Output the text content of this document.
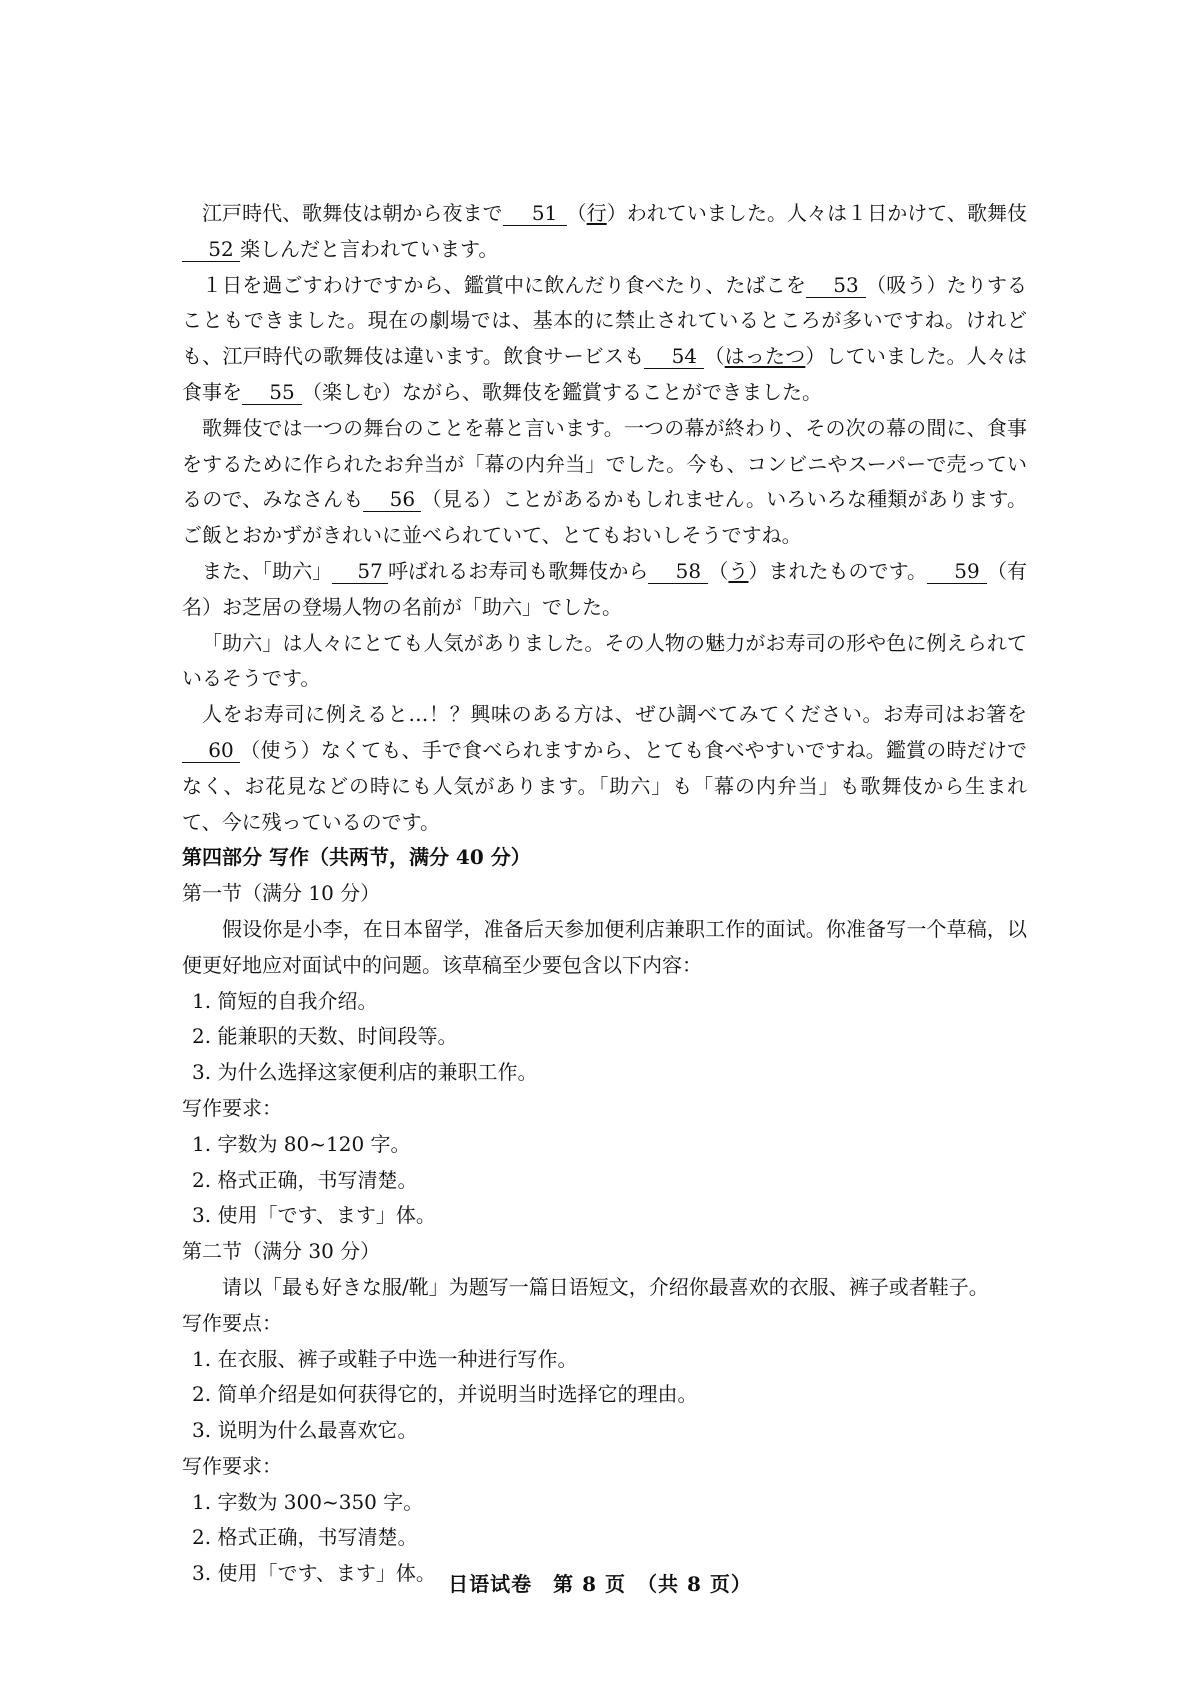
江戸時代、歌舞伎は朝から夜まで 51 （行）われていました。人々は１日かけて、歌舞伎52 楽しんだと言われています。

１日を過ごすわけですから、鑑賞中に飲んだり食べたり、たばこを 53 （吸う）たりすることもできました。現在の劇場では、基本的に禁止されているところが多いですね。けれども、江戸時代の歌舞伎は違います。飲食サービスも 54 （はったつ）していました。人々は食事を 55 （楽しむ）ながら、歌舞伎を鑑賞することができました。

歌舞伎では一つの舞台のことを幕と言います。一つの幕が終わり、その次の幕の間に、食事をするために作られたお弁当が「幕の内弁当」でした。今も、コンビニやスーパーで売っているので、みなさんも 56 （見る）ことがあるかもしれません。いろいろな種類があります。ご飯とおかずがきれいに並べられていて、とてもおいしそうですね。

また、「助六」 57 呼ばれるお寿司も歌舞伎から 58 （う）まれたものです。 59 （有名）お芝居の登場人物の名前が「助六」でした。

「助六」は人々にとても人気がありました。その人物の魅力がお寿司の形や色に例えられているそうです。

人をお寿司に例えると…！？興味のある方は、ぜひ調べてみてください。お寿司はお箸を60 （使う）なくても、手で食べられますから、とても食べやすいですね。鑑賞の時だけでなく、お花見などの時にも人気があります。「助六」も「幕の内弁当」も歌舞伎から生まれて、今に残っているのです。

第四部分 写作（共两节，满分 40 分）

第一节（满分 10 分）

假设你是小李，在日本留学，准备后天参加便利店兼职工作的面试。你准备写一个草稿，以便更好地应对面试中的问题。该草稿至少要包含以下内容：

1. 简短的自我介绍。

2. 能兼职的天数、时间段等。

3. 为什么选择这家便利店的兼职工作。

写作要求：

1. 字数为 80~120 字。

2. 格式正确，书写清楚。

3. 使用「です、ます」体。

第二节（满分 30 分）

请以「最も好きな服/靴」为题写一篇日语短文，介绍你最喜欢的衣服、裤子或者鞋子。

写作要点：

1. 在衣服、裤子或鞋子中选一种进行写作。

2. 简单介绍是如何获得它的，并说明当时选择它的理由。

3. 说明为什么最喜欢它。

写作要求：

1. 字数为 300~350 字。

2. 格式正确，书写清楚。

3. 使用「です、ます」体。 日语试卷　第 8 页　（共 8 页）
